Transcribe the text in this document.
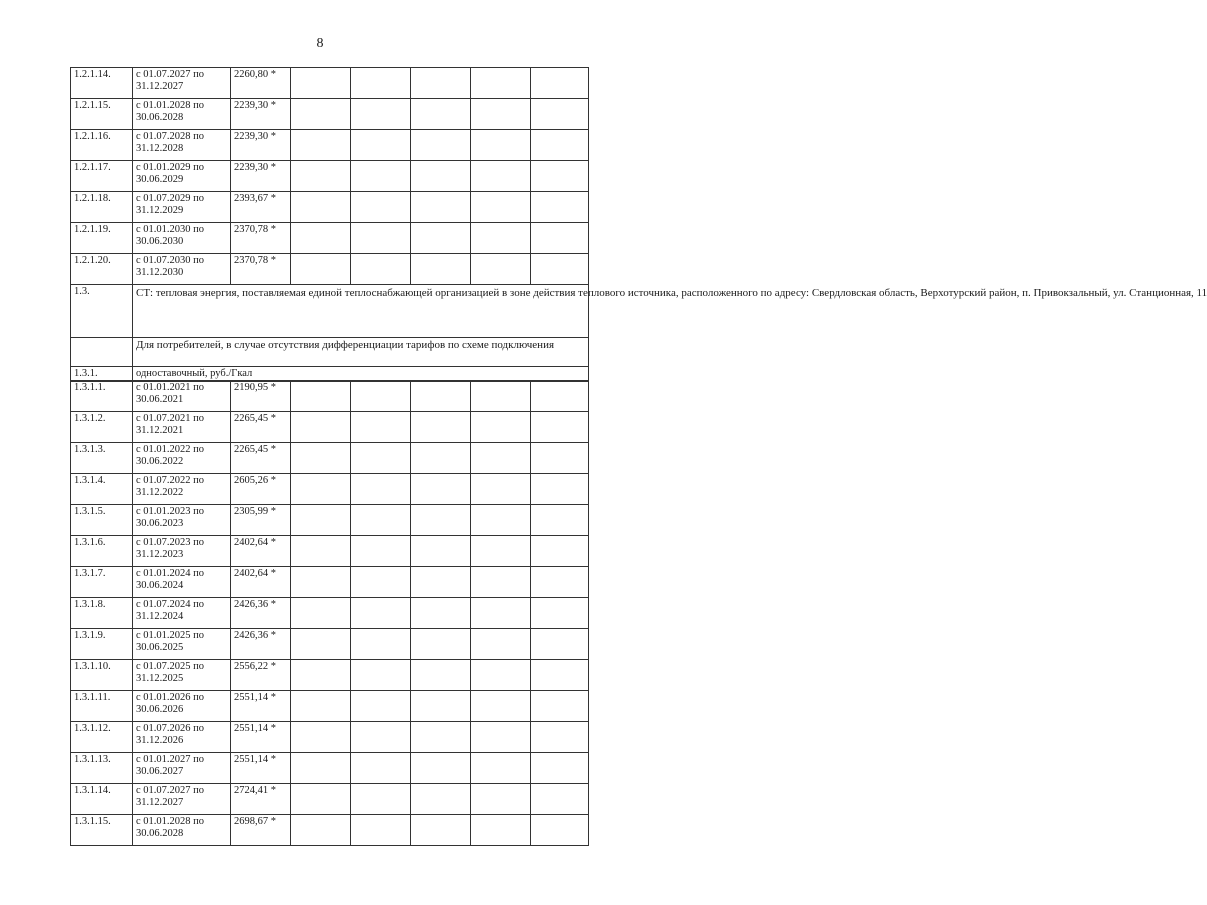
8
1.2.1.14.	с 01.07.2027 по 31.12.2027	2260,80 *					
1.2.1.15.	с 01.01.2028 по 30.06.2028	2239,30 *					
1.2.1.16.	с 01.07.2028 по 31.12.2028	2239,30 *					
1.2.1.17.	с 01.01.2029 по 30.06.2029	2239,30 *					
1.2.1.18.	с 01.07.2029 по 31.12.2029	2393,67 *					
1.2.1.19.	с 01.01.2030 по 30.06.2030	2370,78 *					
1.2.1.20.	с 01.07.2030 по 31.12.2030	2370,78 *					
1.3.	СТ: тепловая энергия, поставляемая единой теплоснабжающей организацией в зоне действия теплового источника, расположенного по адресу: Свердловская область, Верхотурский район, п. Привокзальный, ул. Станционная, 11						
	Для потребителей, в случае отсутствия дифференциации тарифов по схеме подключения						
1.3.1.	одноставочный, руб./Гкал						
1.3.1.1.	с 01.01.2021 по 30.06.2021	2190,95 *					
1.3.1.2.	с 01.07.2021 по 31.12.2021	2265,45 *					
1.3.1.3.	с 01.01.2022 по 30.06.2022	2265,45 *					
1.3.1.4.	с 01.07.2022 по 31.12.2022	2605,26 *					
1.3.1.5.	с 01.01.2023 по 30.06.2023	2305,99 *					
1.3.1.6.	с 01.07.2023 по 31.12.2023	2402,64 *					
1.3.1.7.	с 01.01.2024 по 30.06.2024	2402,64 *					
1.3.1.8.	с 01.07.2024 по 31.12.2024	2426,36 *					
1.3.1.9.	с 01.01.2025 по 30.06.2025	2426,36 *					
1.3.1.10.	с 01.07.2025 по 31.12.2025	2556,22 *					
1.3.1.11.	с 01.01.2026 по 30.06.2026	2551,14 *					
1.3.1.12.	с 01.07.2026 по 31.12.2026	2551,14 *					
1.3.1.13.	с 01.01.2027 по 30.06.2027	2551,14 *					
1.3.1.14.	с 01.07.2027 по 31.12.2027	2724,41 *					
1.3.1.15.	с 01.01.2028 по 30.06.2028	2698,67 *					
